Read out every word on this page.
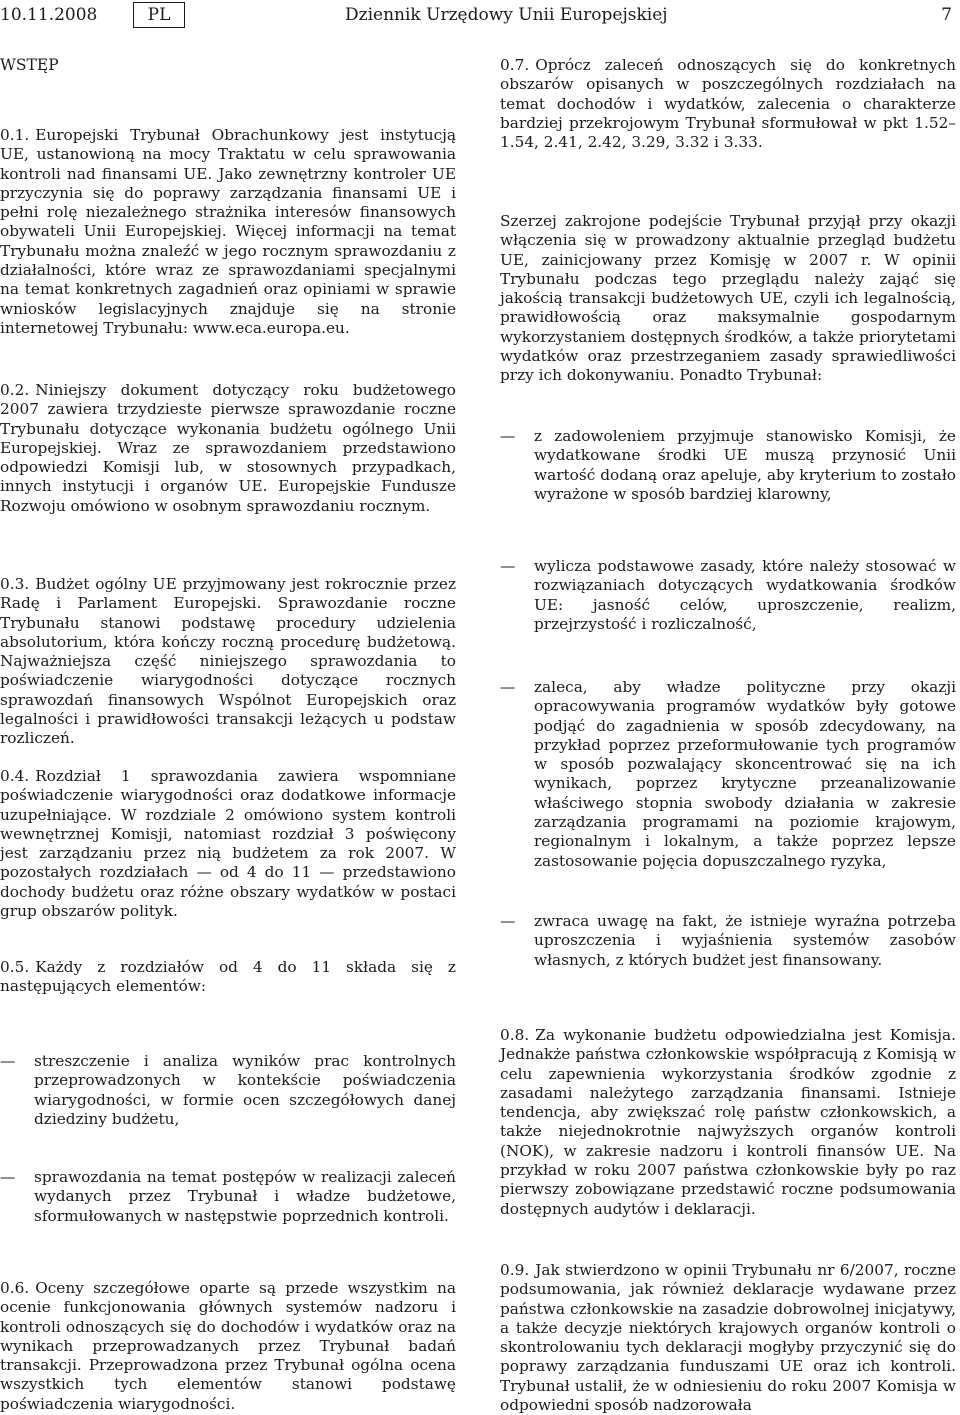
10.11.2008	PL	Dziennik Urzędowy Unii Europejskiej	7
WSTĘP
0.1. Europejski Trybunał Obrachunkowy jest instytucją UE, ustanowioną na mocy Traktatu w celu sprawowania kontroli nad finansami UE. Jako zewnętrzny kontroler UE przyczynia się do poprawy zarządzania finansami UE i pełni rolę niezależnego strażnika interesów finansowych obywateli Unii Europejskiej. Więcej informacji na temat Trybunału można znaleźć w jego rocznym sprawozdaniu z działalności, które wraz ze sprawozdaniami specjalnymi na temat konkretnych zagadnień oraz opiniami w sprawie wniosków legislacyjnych znajduje się na stronie internetowej Trybunału: www.eca.europa.eu.
0.2. Niniejszy dokument dotyczący roku budżetowego 2007 zawiera trzydzieste pierwsze sprawozdanie roczne Trybunału dotyczące wykonania budżetu ogólnego Unii Europejskiej. Wraz ze sprawozdaniem przedstawiono odpowiedzi Komisji lub, w stosownych przypadkach, innych instytucji i organów UE. Europejskie Fundusze Rozwoju omówiono w osobnym sprawozdaniu rocznym.
0.3. Budżet ogólny UE przyjmowany jest rokrocznie przez Radę i Parlament Europejski. Sprawozdanie roczne Trybunału stanowi podstawę procedury udzielenia absolutorium, która kończy roczną procedurę budżetową. Najważniejsza część niniejszego sprawozdania to poświadczenie wiarygodności dotyczące rocznych sprawozdań finansowych Wspólnot Europejskich oraz legalności i prawidłowości transakcji leżących u podstaw rozliczeń.
0.4. Rozdział 1 sprawozdania zawiera wspomniane poświadczenie wiarygodności oraz dodatkowe informacje uzupełniające. W rozdziale 2 omówiono system kontroli wewnętrznej Komisji, natomiast rozdział 3 poświęcony jest zarządzaniu przez nią budżetem za rok 2007. W pozostałych rozdziałach — od 4 do 11 — przedstawiono dochody budżetu oraz różne obszary wydatków w postaci grup obszarów polityk.
0.5. Każdy z rozdziałów od 4 do 11 składa się z następujących elementów:
—	streszczenie i analiza wyników prac kontrolnych przeprowadzonych w kontekście poświadczenia wiarygodności, w formie ocen szczegółowych danej dziedziny budżetu,
—	sprawozdania na temat postępów w realizacji zaleceń wydanych przez Trybunał i władze budżetowe, sformułowanych w następstwie poprzednich kontroli.
0.6. Oceny szczegółowe oparte są przede wszystkim na ocenie funkcjonowania głównych systemów nadzoru i kontroli odnoszących się do dochodów i wydatków oraz na wynikach przeprowadzanych przez Trybunał badań transakcji. Przeprowadzona przez Trybunał ogólna ocena wszystkich tych elementów stanowi podstawę poświadczenia wiarygodności.
0.7. Oprócz zaleceń odnoszących się do konkretnych obszarów opisanych w poszczególnych rozdziałach na temat dochodów i wydatków, zalecenia o charakterze bardziej przekrojowym Trybunał sformułował w pkt 1.52–1.54, 2.41, 2.42, 3.29, 3.32 i 3.33.
Szerzej zakrojone podejście Trybunał przyjął przy okazji włączenia się w prowadzony aktualnie przegląd budżetu UE, zainicjowany przez Komisję w 2007 r. W opinii Trybunału podczas tego przeglądu należy zająć się jakością transakcji budżetowych UE, czyli ich legalnością, prawidłowością oraz maksymalnie gospodarnym wykorzystaniem dostępnych środków, a także priorytetami wydatków oraz przestrzeganiem zasady sprawiedliwości przy ich dokonywaniu. Ponadto Trybunał:
—	z zadowoleniem przyjmuje stanowisko Komisji, że wydatkowane środki UE muszą przynosić Unii wartość dodaną oraz apeluje, aby kryterium to zostało wyrażone w sposób bardziej klarowny,
—	wylicza podstawowe zasady, które należy stosować w rozwiązaniach dotyczących wydatkowania środków UE: jasność celów, uproszczenie, realizm, przejrzystość i rozliczalność,
—	zaleca, aby władze polityczne przy okazji opracowywania programów wydatków były gotowe podjąć do zagadnienia w sposób zdecydowany, na przykład poprzez przeformułowanie tych programów w sposób pozwalający skoncentrować się na ich wynikach, poprzez krytyczne przeanalizowanie właściwego stopnia swobody działania w zakresie zarządzania programami na poziomie krajowym, regionalnym i lokalnym, a także poprzez lepsze zastosowanie pojęcia dopuszczalnego ryzyka,
—	zwraca uwagę na fakt, że istnieje wyraźna potrzeba uproszczenia i wyjaśnienia systemów zasobów własnych, z których budżet jest finansowany.
0.8. Za wykonanie budżetu odpowiedzialna jest Komisja. Jednakże państwa członkowskie współpracują z Komisją w celu zapewnienia wykorzystania środków zgodnie z zasadami należytego zarządzania finansami. Istnieje tendencja, aby zwiększać rolę państw członkowskich, a także niejednokrotnie najwyższych organów kontroli (NOK), w zakresie nadzoru i kontroli finansów UE. Na przykład w roku 2007 państwa członkowskie były po raz pierwszy zobowiązane przedstawić roczne podsumowania dostępnych audytów i deklaracji.
0.9. Jak stwierdzono w opinii Trybunału nr 6/2007, roczne podsumowania, jak również deklaracje wydawane przez państwa członkowskie na zasadzie dobrowolnej inicjatywy, a także decyzje niektórych krajowych organów kontroli o skontrolowaniu tych deklaracji mogłyby przyczynić się do poprawy zarządzania funduszami UE oraz ich kontroli. Trybunał ustalił, że w odniesieniu do roku 2007 Komisja w odpowiedni sposób nadzorowała
